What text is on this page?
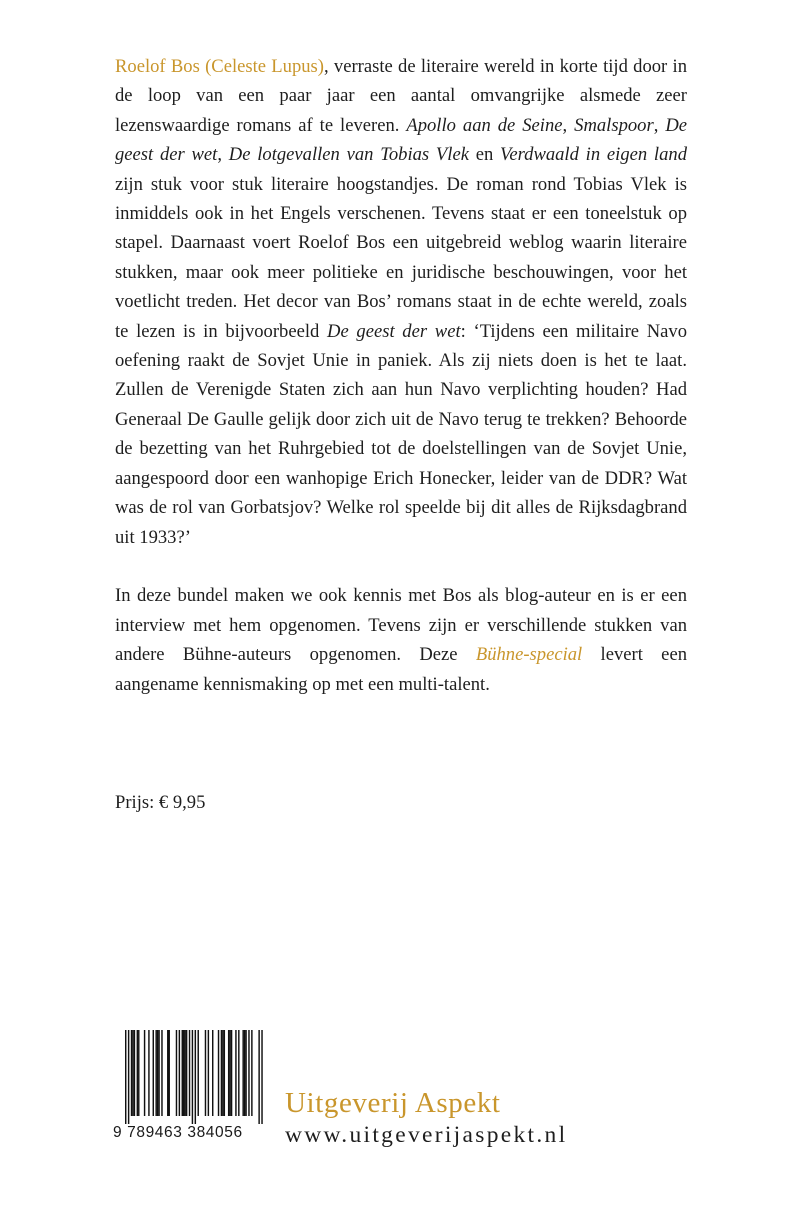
Roelof Bos (Celeste Lupus), verraste de literaire wereld in korte tijd door in de loop van een paar jaar een aantal omvangrijke alsmede zeer lezenswaardige romans af te leveren. Apollo aan de Seine, Smalspoor, De geest der wet, De lotgevallen van Tobias Vlek en Verdwaald in eigen land zijn stuk voor stuk literaire hoogstandjes. De roman rond Tobias Vlek is inmiddels ook in het Engels verschenen. Tevens staat er een toneelstuk op stapel. Daarnaast voert Roelof Bos een uitgebreid weblog waarin literaire stukken, maar ook meer politieke en juridische beschouwingen, voor het voetlicht treden. Het decor van Bos’ romans staat in de echte wereld, zoals te lezen is in bijvoorbeeld De geest der wet: ‘Tijdens een militaire Navo oefening raakt de Sovjet Unie in paniek. Als zij niets doen is het te laat. Zullen de Verenigde Staten zich aan hun Navo verplichting houden? Had Generaal De Gaulle gelijk door zich uit de Navo terug te trekken? Behoorde de bezetting van het Ruhrgebied tot de doelstellingen van de Sovjet Unie, aangespoord door een wanhopige Erich Honecker, leider van de DDR? Wat was de rol van Gorbatsjov? Welke rol speelde bij dit alles de Rijksdagbrand uit 1933?’

In deze bundel maken we ook kennis met Bos als blog-auteur en is er een interview met hem opgenomen. Tevens zijn er verschillende stukken van andere Bühne-auteurs opgenomen. Deze Bühne-special levert een aangename kennismaking op met een multi-talent.

Prijs: € 9,95
9 789463 384056
Uitgeverij Aspekt
www.uitgeverijaspekt.nl
